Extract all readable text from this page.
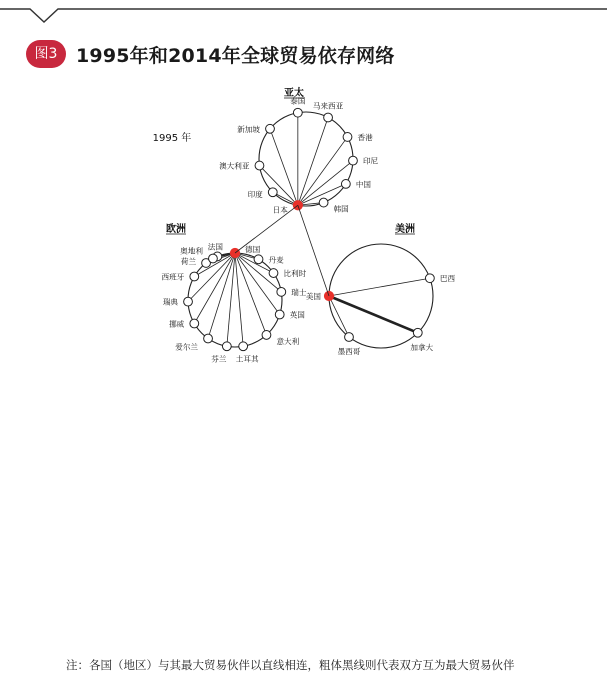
图3 1995年和2014年全球贸易依存网络
1995 年
亚太
泰国
马来西亚
香港
印尼
中国
韩国
日本
印度
澳大利亚
新加坡
欧洲
法国	德国
丹麦
比利时
瑞士
英国
意大利
土耳其
芬兰
爱尔兰
挪威
瑞典
西班牙
荷兰
奥地利
美洲
美国
巴西
加拿大
墨西哥
注：各国（地区）与其最大贸易伙伴以直线相连，粗体黑线则代表双方互为最大贸易伙伴
